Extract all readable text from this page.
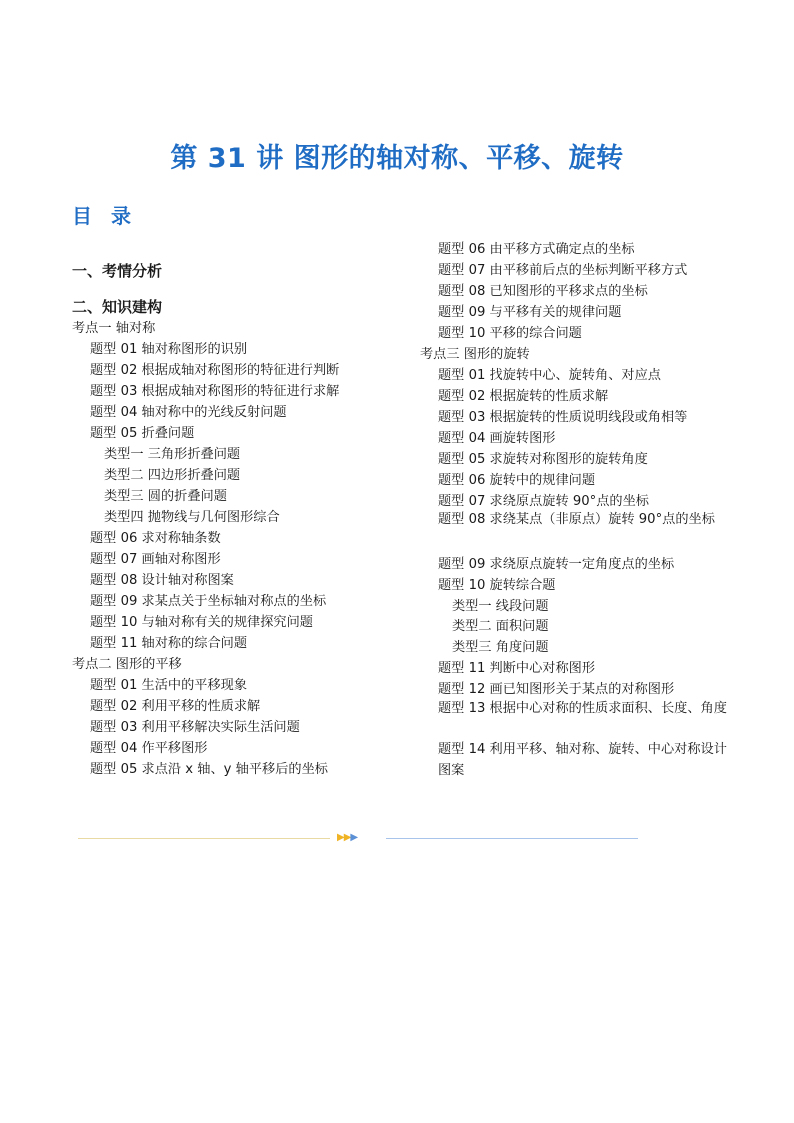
第 31 讲 图形的轴对称、平移、旋转
目 录
一、考情分析
二、知识建构
考点一 轴对称
题型 01 轴对称图形的识别
题型 02 根据成轴对称图形的特征进行判断
题型 03 根据成轴对称图形的特征进行求解
题型 04 轴对称中的光线反射问题
题型 05 折叠问题
类型一 三角形折叠问题
类型二 四边形折叠问题
类型三 圆的折叠问题
类型四 抛物线与几何图形综合
题型 06 求对称轴条数
题型 07 画轴对称图形
题型 08 设计轴对称图案
题型 09 求某点关于坐标轴对称点的坐标
题型 10 与轴对称有关的规律探究问题
题型 11 轴对称的综合问题
考点二 图形的平移
题型 01 生活中的平移现象
题型 02 利用平移的性质求解
题型 03 利用平移解决实际生活问题
题型 04 作平移图形
题型 05 求点沿 x 轴、y 轴平移后的坐标
题型 06 由平移方式确定点的坐标
题型 07 由平移前后点的坐标判断平移方式
题型 08 已知图形的平移求点的坐标
题型 09 与平移有关的规律问题
题型 10 平移的综合问题
考点三 图形的旋转
题型 01 找旋转中心、旋转角、对应点
题型 02 根据旋转的性质求解
题型 03 根据旋转的性质说明线段或角相等
题型 04 画旋转图形
题型 05 求旋转对称图形的旋转角度
题型 06 旋转中的规律问题
题型 07 求绕原点旋转 90°点的坐标
题型 08 求绕某点（非原点）旋转 90°点的坐标
题型 09 求绕原点旋转一定角度点的坐标
题型 10 旋转综合题
类型一 线段问题
类型二 面积问题
类型三 角度问题
题型 11 判断中心对称图形
题型 12 画已知图形关于某点的对称图形
题型 13 根据中心对称的性质求面积、长度、角度
题型 14 利用平移、轴对称、旋转、中心对称设计图案
▶▶▶
